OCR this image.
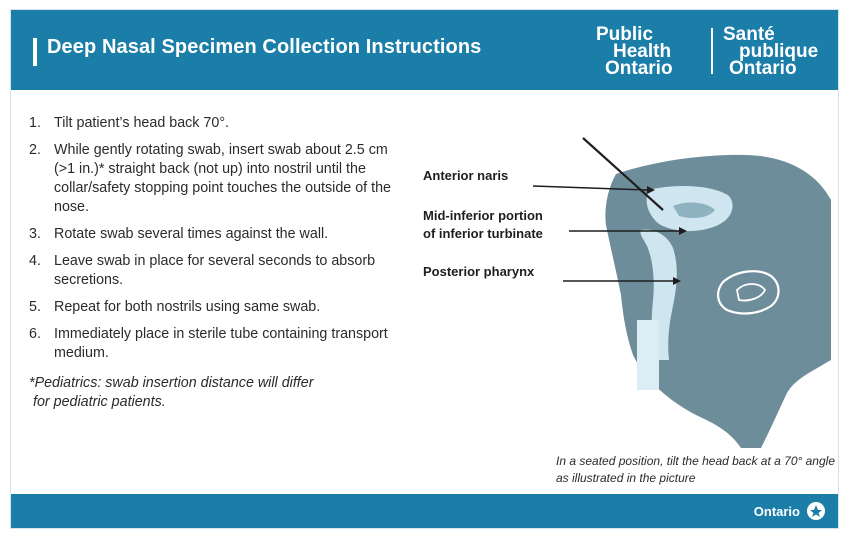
Deep Nasal Specimen Collection Instructions
Public
Health
Ontario
Santé
publique
Ontario
1. Tilt patient’s head back 70°.
2. While gently rotating swab, insert swab about 2.5 cm (>1 in.)* straight back (not up) into nostril until the collar/safety stopping point touches the outside of the nose.
3. Rotate swab several times against the wall.
4. Leave swab in place for several seconds to absorb secretions.
5. Repeat for both nostrils using same swab.
6. Immediately place in sterile tube containing transport medium.
*Pediatrics: swab insertion distance will differ
for pediatric patients.
Anterior naris
Mid-inferior portion
of inferior turbinate
Posterior pharynx
In a seated position, tilt the head back at a 70° angle as illustrated in the picture
Ontario
